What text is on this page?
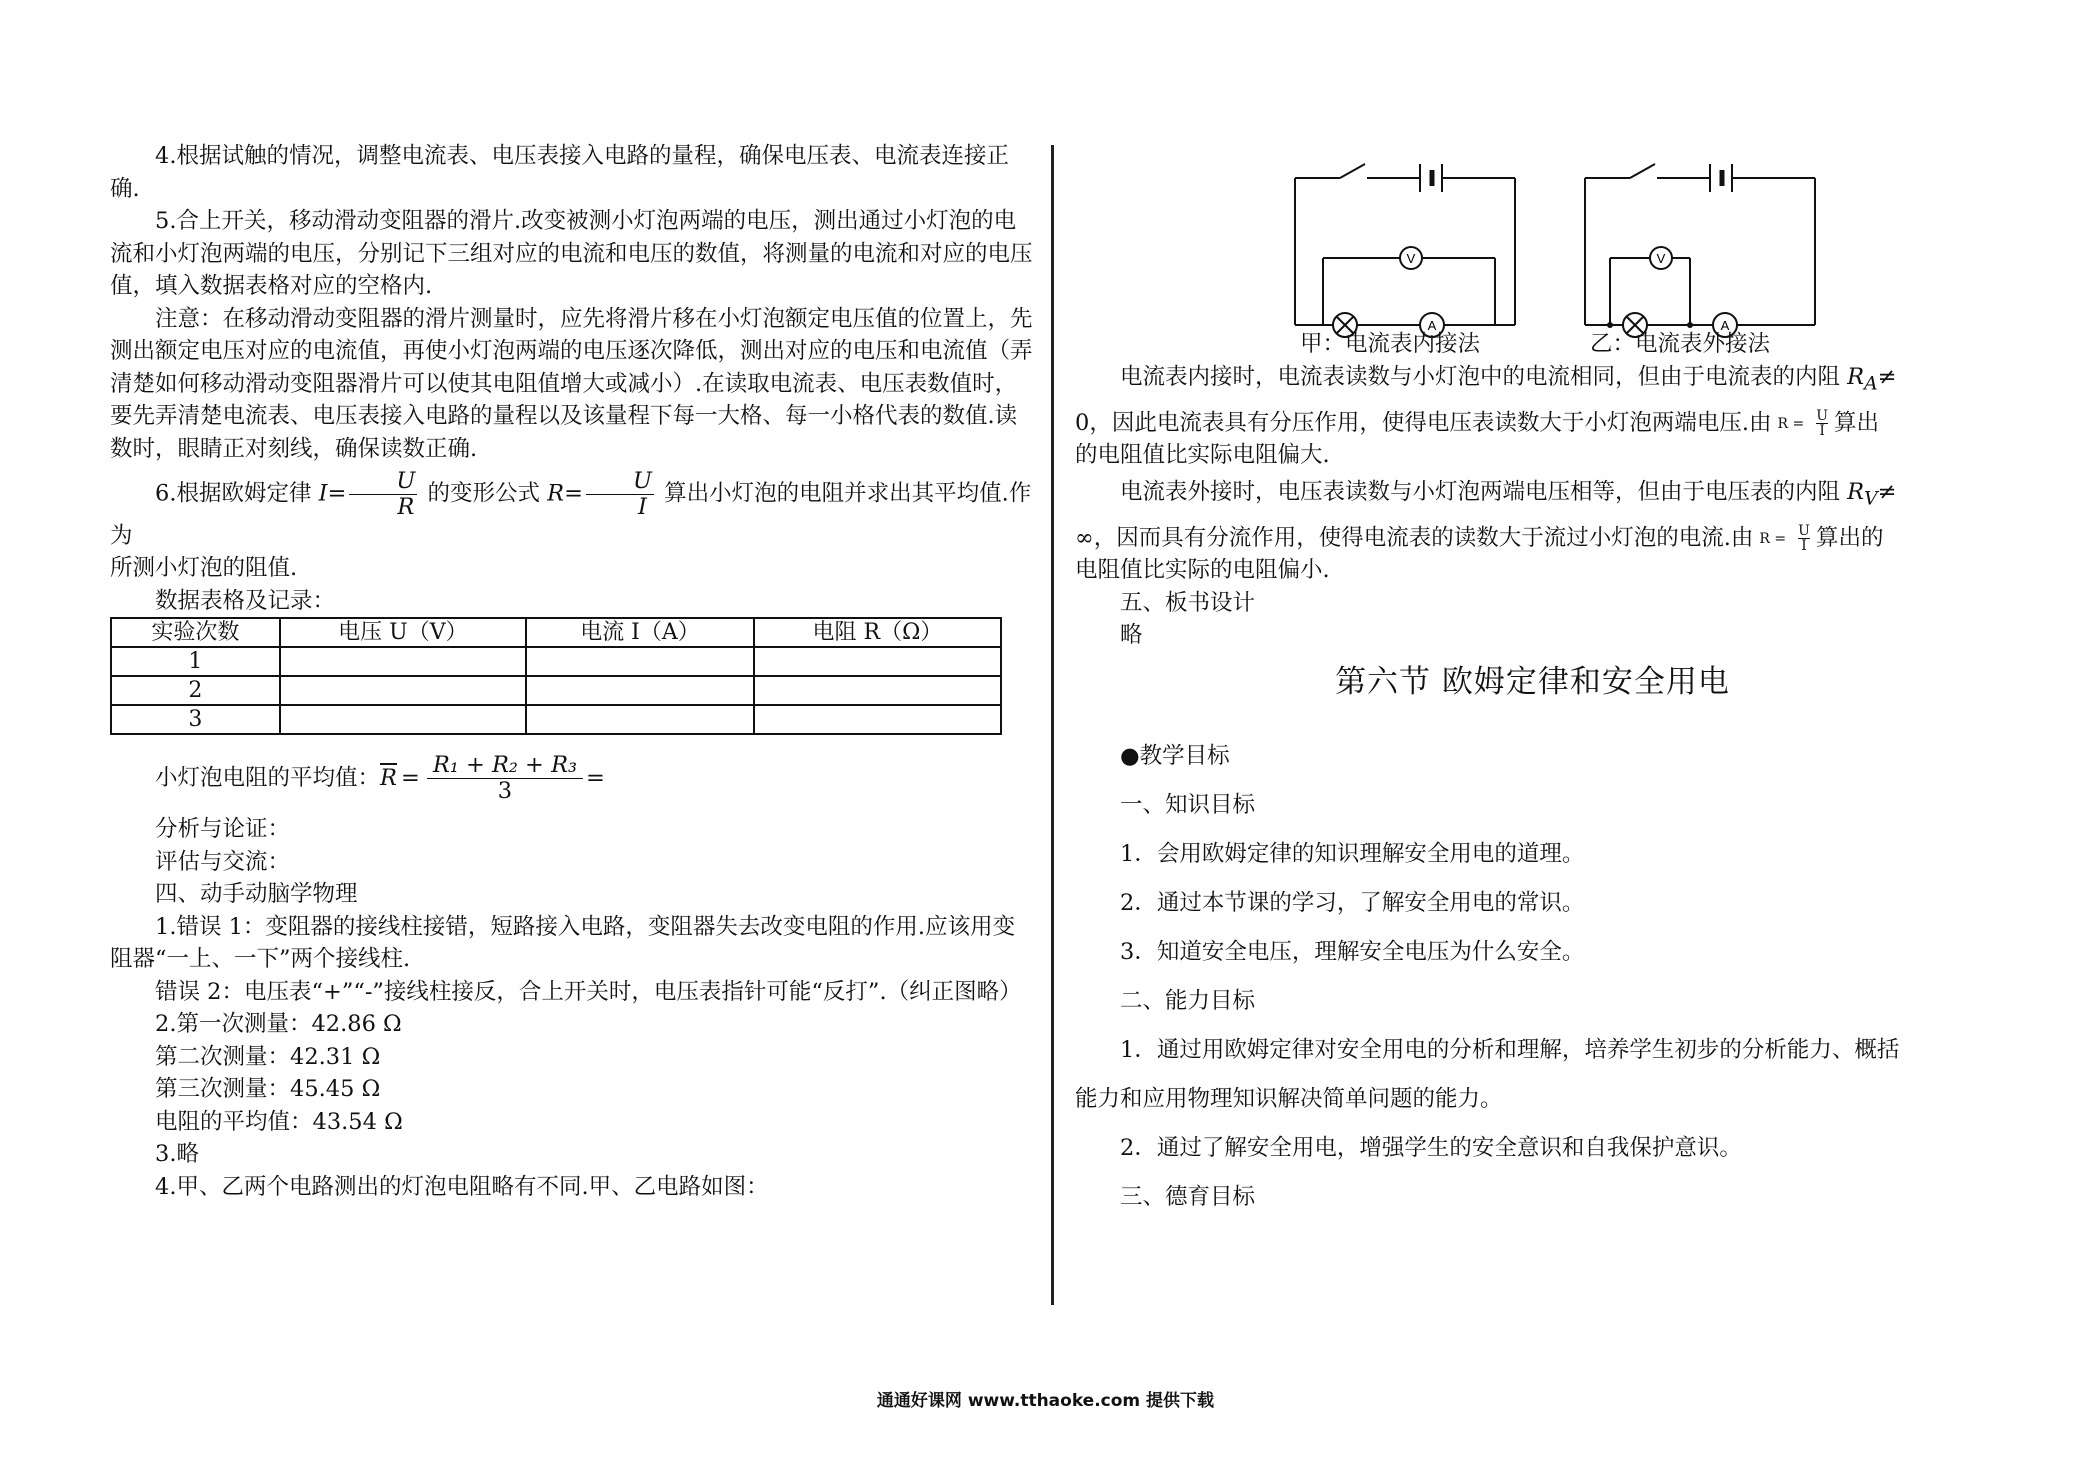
4.根据试触的情况，调整电流表、电压表接入电路的量程，确保电压表、电流表连接正确.

5.合上开关，移动滑动变阻器的滑片.改变被测小灯泡两端的电压，测出通过小灯泡的电流和小灯泡两端的电压，分别记下三组对应的电流和电压的数值，将测量的电流和对应的电压值，填入数据表格对应的空格内.

注意：在移动滑动变阻器的滑片测量时，应先将滑片移在小灯泡额定电压值的位置上，先测出额定电压对应的电流值，再使小灯泡两端的电压逐次降低，测出对应的电压和电流值（弄清楚如何移动滑动变阻器滑片可以使其电阻值增大或减小）.在读取电流表、电压表数值时，要先弄清楚电流表、电压表接入电路的量程以及该量程下每一大格、每一小格代表的数值.读数时，眼睛正对刻线，确保读数正确.

6.根据欧姆定律 $I= \frac{U}{R}$ 的变形公式 $R= \frac{U}{I}$ 算出小灯泡的电阻并求出其平均值.作为

所测小灯泡的阻值.

数据表格及记录：

实验次数	电压 U（V）	电流 I（A）	电阻 R（Ω）
1			
2			
3			
小灯泡电阻的平均值： $\overline{R} = \frac{\text{R₁ + R₂ + R₃}}{3}$ =

分析与论证：

评估与交流：

四、动手动脑学物理

1.错误 1：变阻器的接线柱接错，短路接入电路，变阻器失去改变电阻的作用.应该用变阻器“一上、一下”两个接线柱.

错误 2：电压表“+”“-”接线柱接反，合上开关时，电压表指针可能“反打”.（纠正图略）

2.第一次测量：42.86 Ω

第二次测量：42.31 Ω

第三次测量：45.45 Ω

电阻的平均值：43.54 Ω

3.略

4.甲、乙两个电路测出的灯泡电阻略有不同.甲、乙电路如图：

V
A
V
A
甲：电流表内接法	乙：电流表外接法

电流表内接时，电流表读数与小灯泡中的电流相同，但由于电流表的内阻 $R_A\ne$

0，因此电流表具有分压作用，使得电压表读数大于小灯泡两端电压.由 $R = \frac{U}{I}$ 算出

的电阻值比实际电阻偏大.

电流表外接时，电压表读数与小灯泡两端电压相等，但由于电压表的内阻 $R_V\ne$

∞，因而具有分流作用，使得电流表的读数大于流过小灯泡的电流.由 $R = \frac{U}{I}$ 算出的

电阻值比实际的电阻偏小.

五、板书设计

略

第六节 欧姆定律和安全用电

●教学目标

一、知识目标

1．会用欧姆定律的知识理解安全用电的道理。

2．通过本节课的学习，了解安全用电的常识。

3．知道安全电压，理解安全电压为什么安全。

二、能力目标

1．通过用欧姆定律对安全用电的分析和理解，培养学生初步的分析能力、概括

能力和应用物理知识解决简单问题的能力。

2．通过了解安全用电，增强学生的安全意识和自我保护意识。

三、德育目标

通通好课网 www.tthaoke.com 提供下载
